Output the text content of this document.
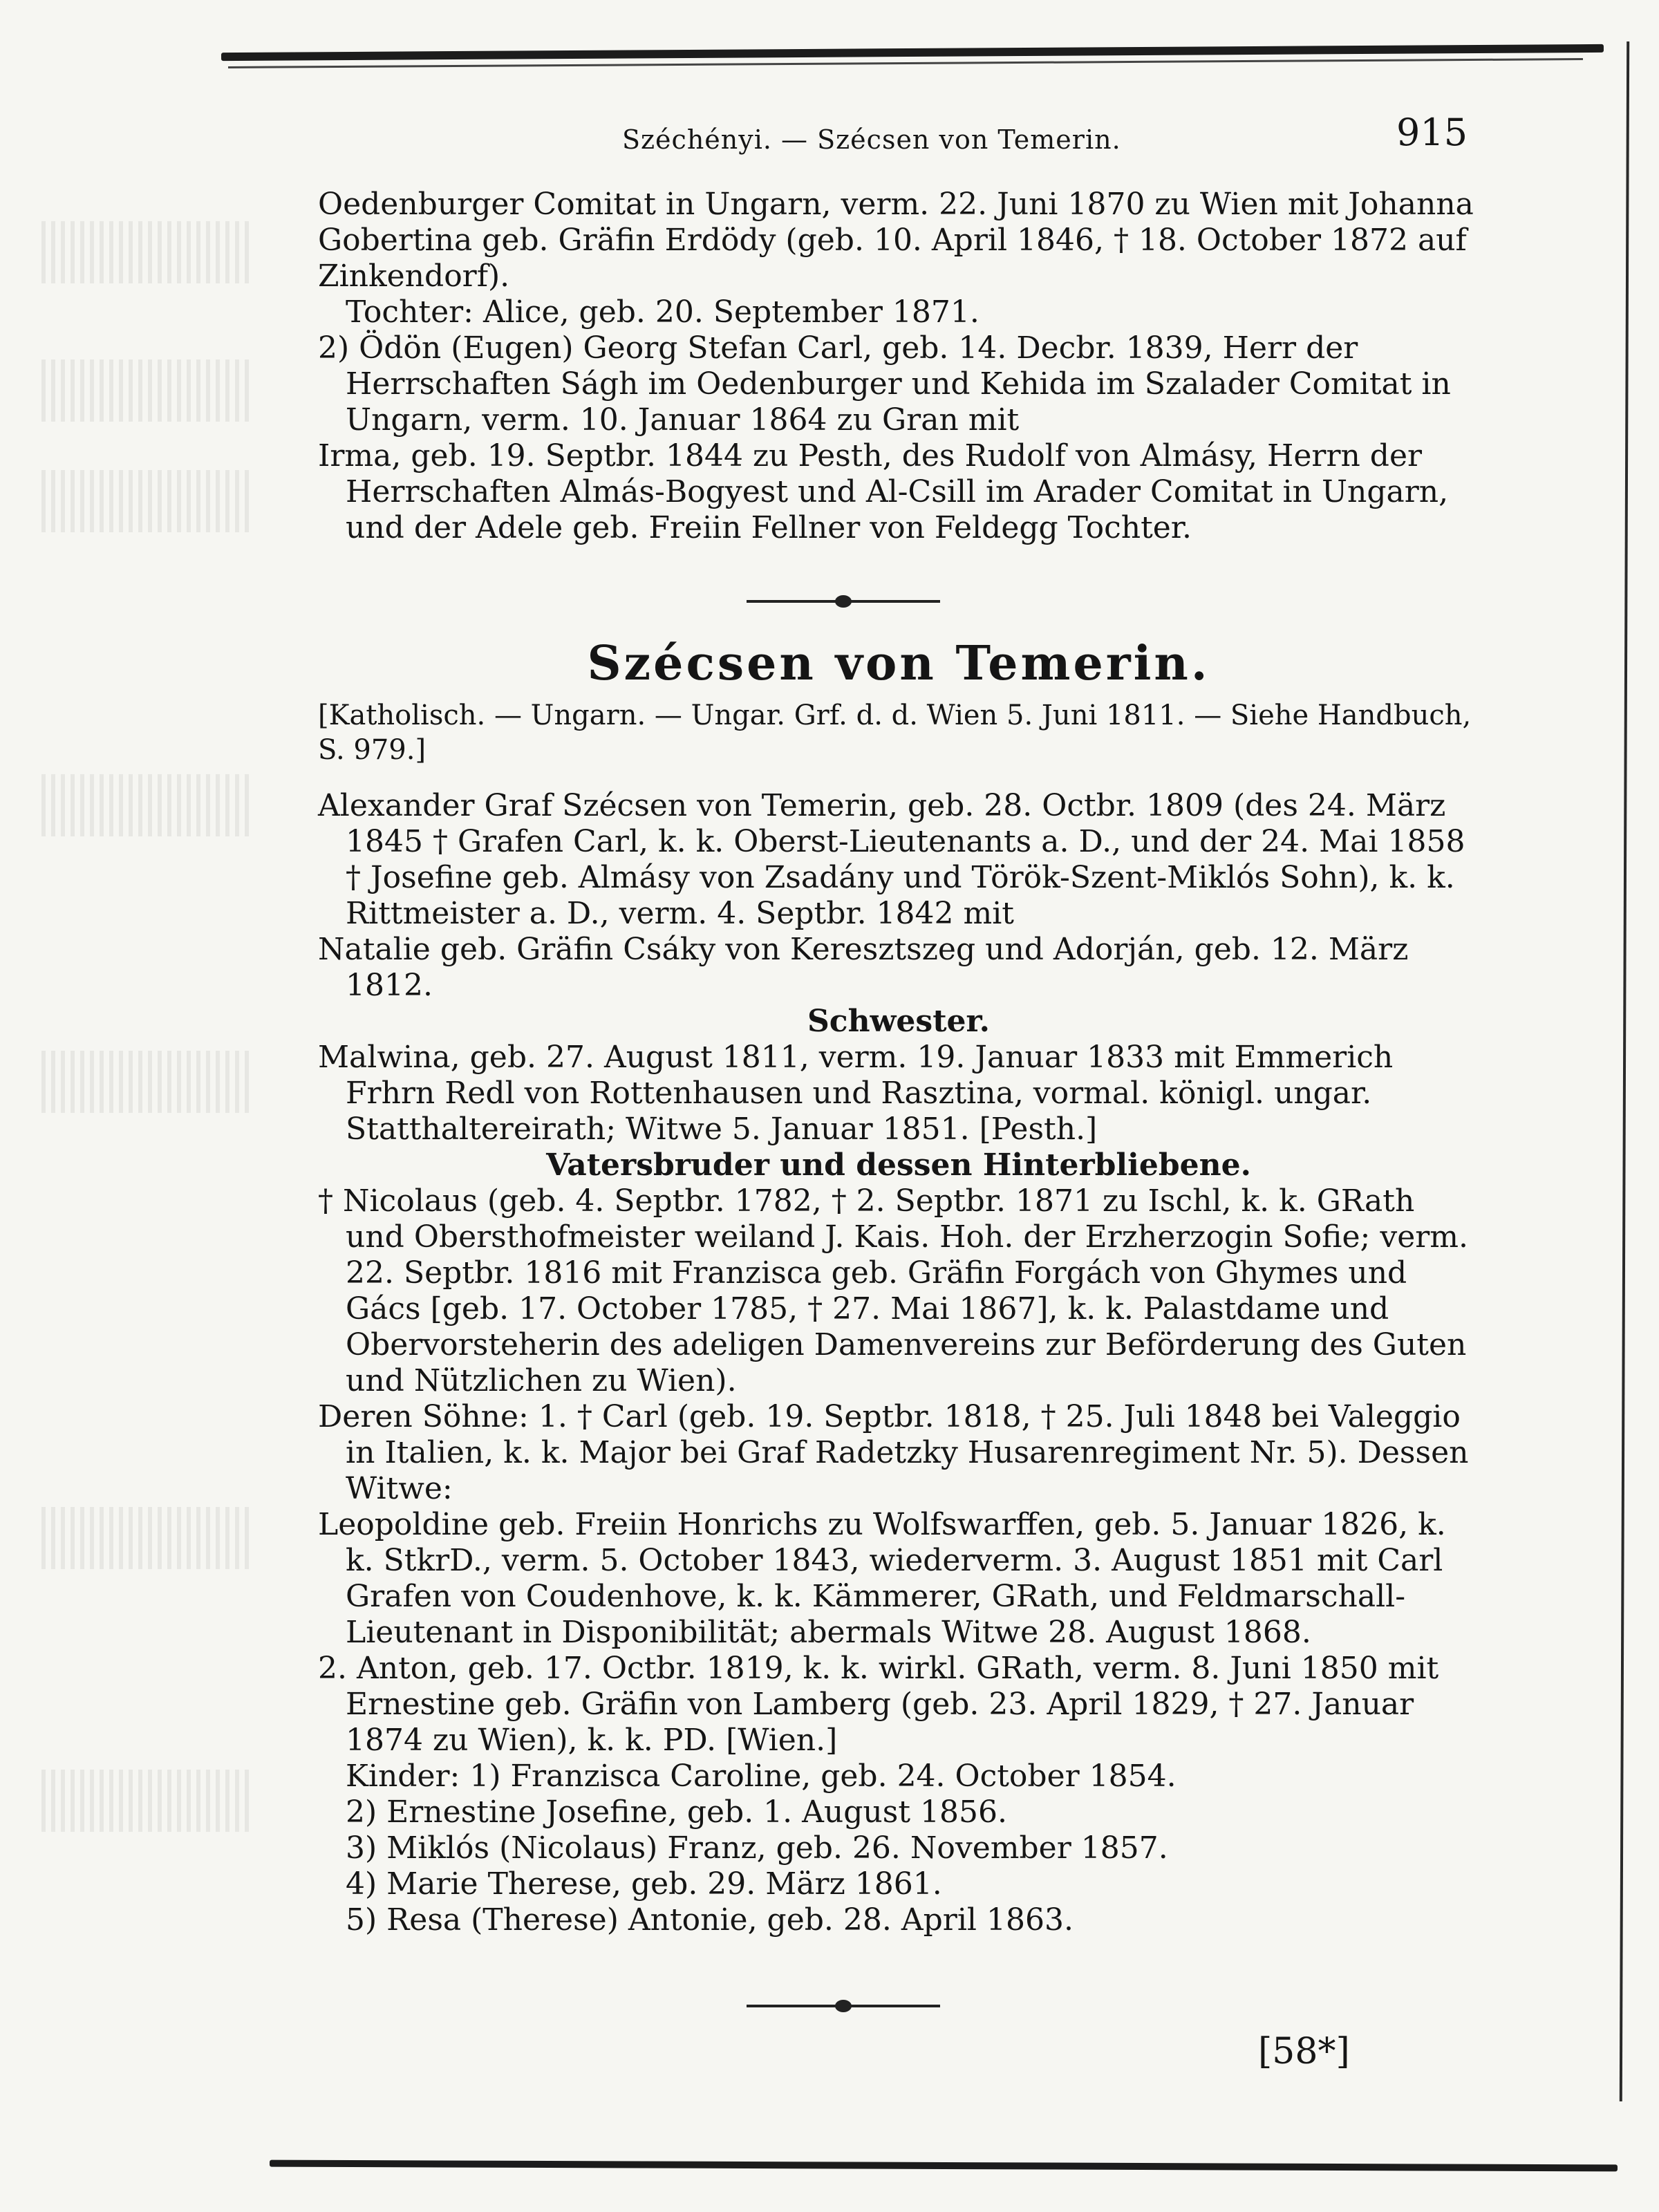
Széchényi. — Szécsen von Temerin.	915

Oedenburger Comitat in Ungarn, verm. 22. Juni 1870 zu Wien mit Johanna Gobertina geb. Gräfin Erdödy (geb. 10. April 1846, † 18. October 1872 auf Zinkendorf).

Tochter: Alice, geb. 20. September 1871.

2) Ödön (Eugen) Georg Stefan Carl, geb. 14. Decbr. 1839, Herr der Herrschaften Ságh im Oedenburger und Kehida im Szalader Comitat in Ungarn, verm. 10. Januar 1864 zu Gran mit

Irma, geb. 19. Septbr. 1844 zu Pesth, des Rudolf von Almásy, Herrn der Herrschaften Almás-Bogyest und Al-Csill im Arader Comitat in Ungarn, und der Adele geb. Freiin Fellner von Feldegg Tochter.

Szécsen von Temerin.
[Katholisch. — Ungarn. — Ungar. Grf. d. d. Wien 5. Juni 1811. — Siehe Handbuch, S. 979.]

Alexander Graf Szécsen von Temerin, geb. 28. Octbr. 1809 (des 24. März 1845 † Grafen Carl, k. k. Oberst-Lieutenants a. D., und der 24. Mai 1858 † Josefine geb. Almásy von Zsadány und Török-Szent-Miklós Sohn), k. k. Rittmeister a. D., verm. 4. Septbr. 1842 mit

Natalie geb. Gräfin Csáky von Keresztszeg und Adorján, geb. 12. März 1812.

Schwester.

Malwina, geb. 27. August 1811, verm. 19. Januar 1833 mit Emmerich Frhrn Redl von Rottenhausen und Rasztina, vormal. königl. ungar. Statthaltereirath; Witwe 5. Januar 1851. [Pesth.]

Vatersbruder und dessen Hinterbliebene.

† Nicolaus (geb. 4. Septbr. 1782, † 2. Septbr. 1871 zu Ischl, k. k. GRath und Obersthofmeister weiland J. Kais. Hoh. der Erzherzogin Sofie; verm. 22. Septbr. 1816 mit Franzisca geb. Gräfin Forgách von Ghymes und Gács [geb. 17. October 1785, † 27. Mai 1867], k. k. Palastdame und Obervorsteherin des adeligen Damenvereins zur Beförderung des Guten und Nützlichen zu Wien).

Deren Söhne: 1. † Carl (geb. 19. Septbr. 1818, † 25. Juli 1848 bei Valeggio in Italien, k. k. Major bei Graf Radetzky Husarenregiment Nr. 5). Dessen Witwe:

Leopoldine geb. Freiin Honrichs zu Wolfswarffen, geb. 5. Januar 1826, k. k. StkrD., verm. 5. October 1843, wiederverm. 3. August 1851 mit Carl Grafen von Coudenhove, k. k. Kämmerer, GRath, und Feldmarschall-Lieutenant in Disponibilität; abermals Witwe 28. August 1868.

2. Anton, geb. 17. Octbr. 1819, k. k. wirkl. GRath, verm. 8. Juni 1850 mit Ernestine geb. Gräfin von Lamberg (geb. 23. April 1829, † 27. Januar 1874 zu Wien), k. k. PD. [Wien.]

Kinder: 1) Franzisca Caroline, geb. 24. October 1854.

2) Ernestine Josefine, geb. 1. August 1856.

3) Miklós (Nicolaus) Franz, geb. 26. November 1857.

4) Marie Therese, geb. 29. März 1861.

5) Resa (Therese) Antonie, geb. 28. April 1863.

[58*]
